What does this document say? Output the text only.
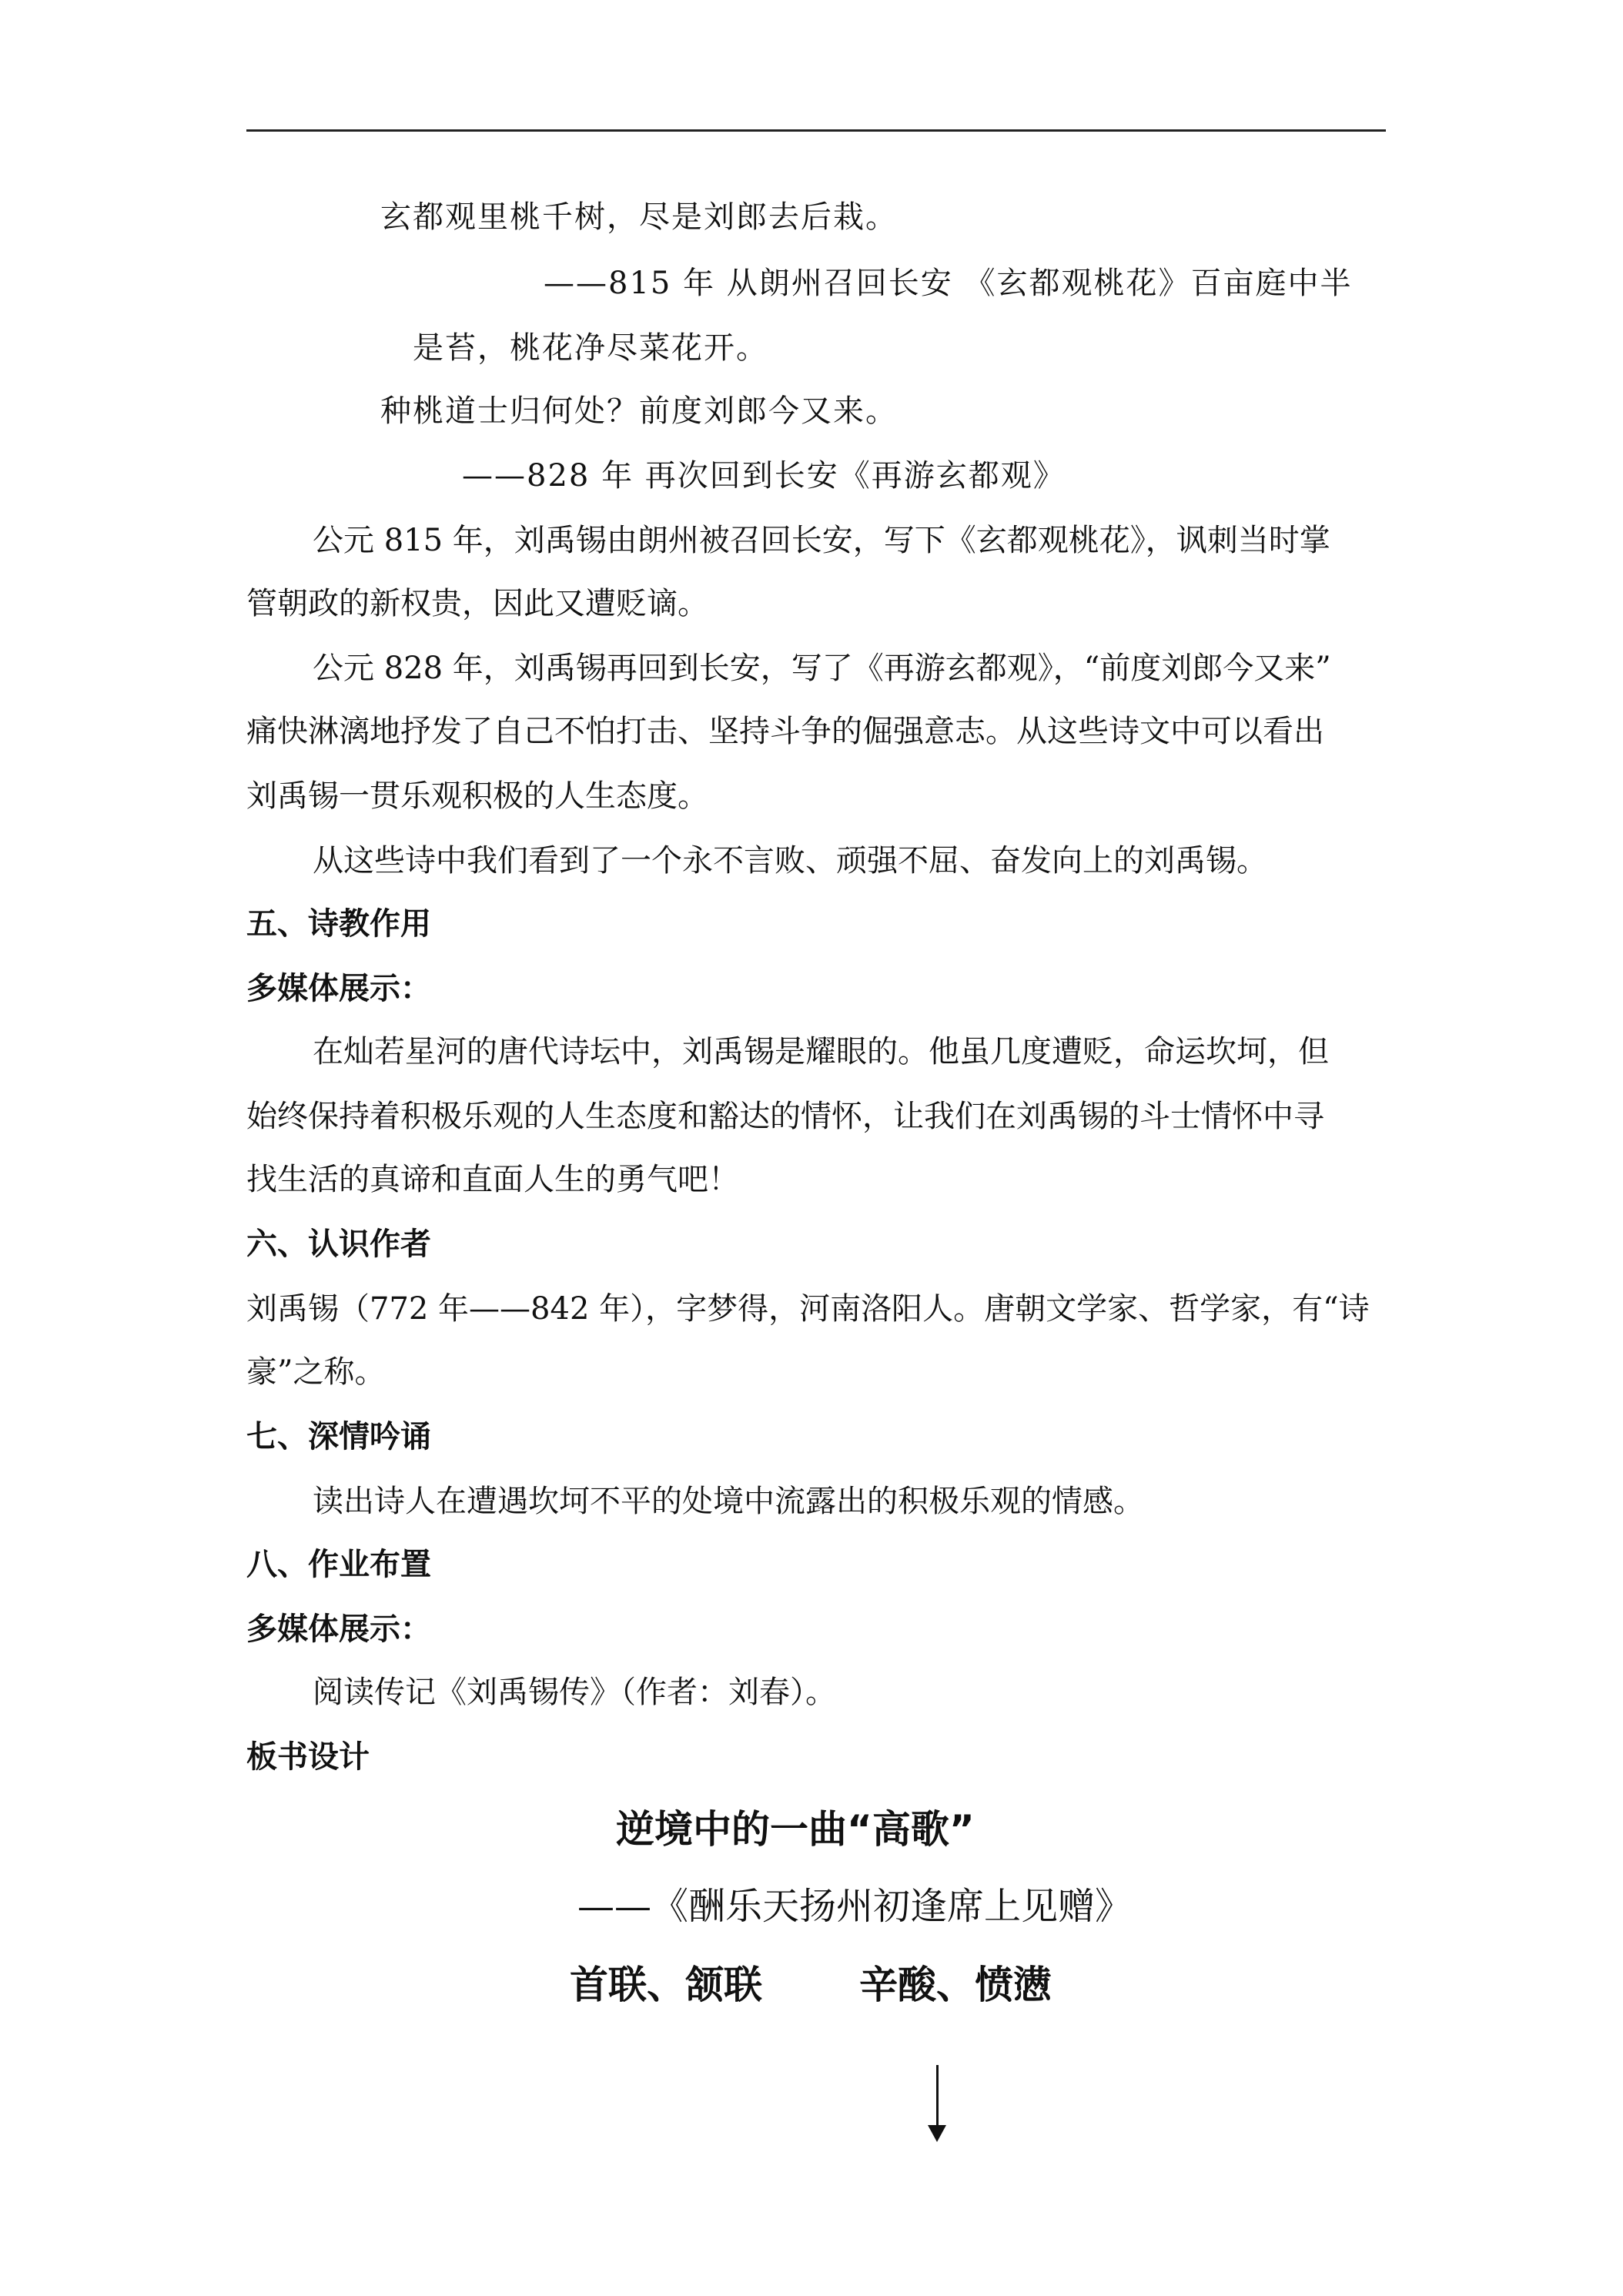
玄都观里桃千树，尽是刘郎去后栽。
——815 年 从朗州召回长安 《玄都观桃花》百亩庭中半
是苔，桃花净尽菜花开。
种桃道士归何处？前度刘郎今又来。
——828 年 再次回到长安《再游玄都观》
公元 815 年，刘禹锡由朗州被召回长安，写下《玄都观桃花》，讽刺当时掌
管朝政的新权贵，因此又遭贬谪。
公元 828 年，刘禹锡再回到长安，写了《再游玄都观》，“前度刘郎今又来”
痛快淋漓地抒发了自己不怕打击、坚持斗争的倔强意志。从这些诗文中可以看出
刘禹锡一贯乐观积极的人生态度。
从这些诗中我们看到了一个永不言败、顽强不屈、奋发向上的刘禹锡。
五、诗教作用
多媒体展示：
在灿若星河的唐代诗坛中，刘禹锡是耀眼的。他虽几度遭贬，命运坎坷，但
始终保持着积极乐观的人生态度和豁达的情怀，让我们在刘禹锡的斗士情怀中寻
找生活的真谛和直面人生的勇气吧！
六、认识作者
刘禹锡（772 年——842 年），字梦得，河南洛阳人。唐朝文学家、哲学家，有“诗
豪”之称。
七、深情吟诵
读出诗人在遭遇坎坷不平的处境中流露出的积极乐观的情感。
八、作业布置
多媒体展示：
阅读传记《刘禹锡传》（作者：刘春）。
板书设计
逆境中的一曲“高歌”
——《酬乐天扬州初逢席上见赠》
首联、颔联	辛酸、愤懑
